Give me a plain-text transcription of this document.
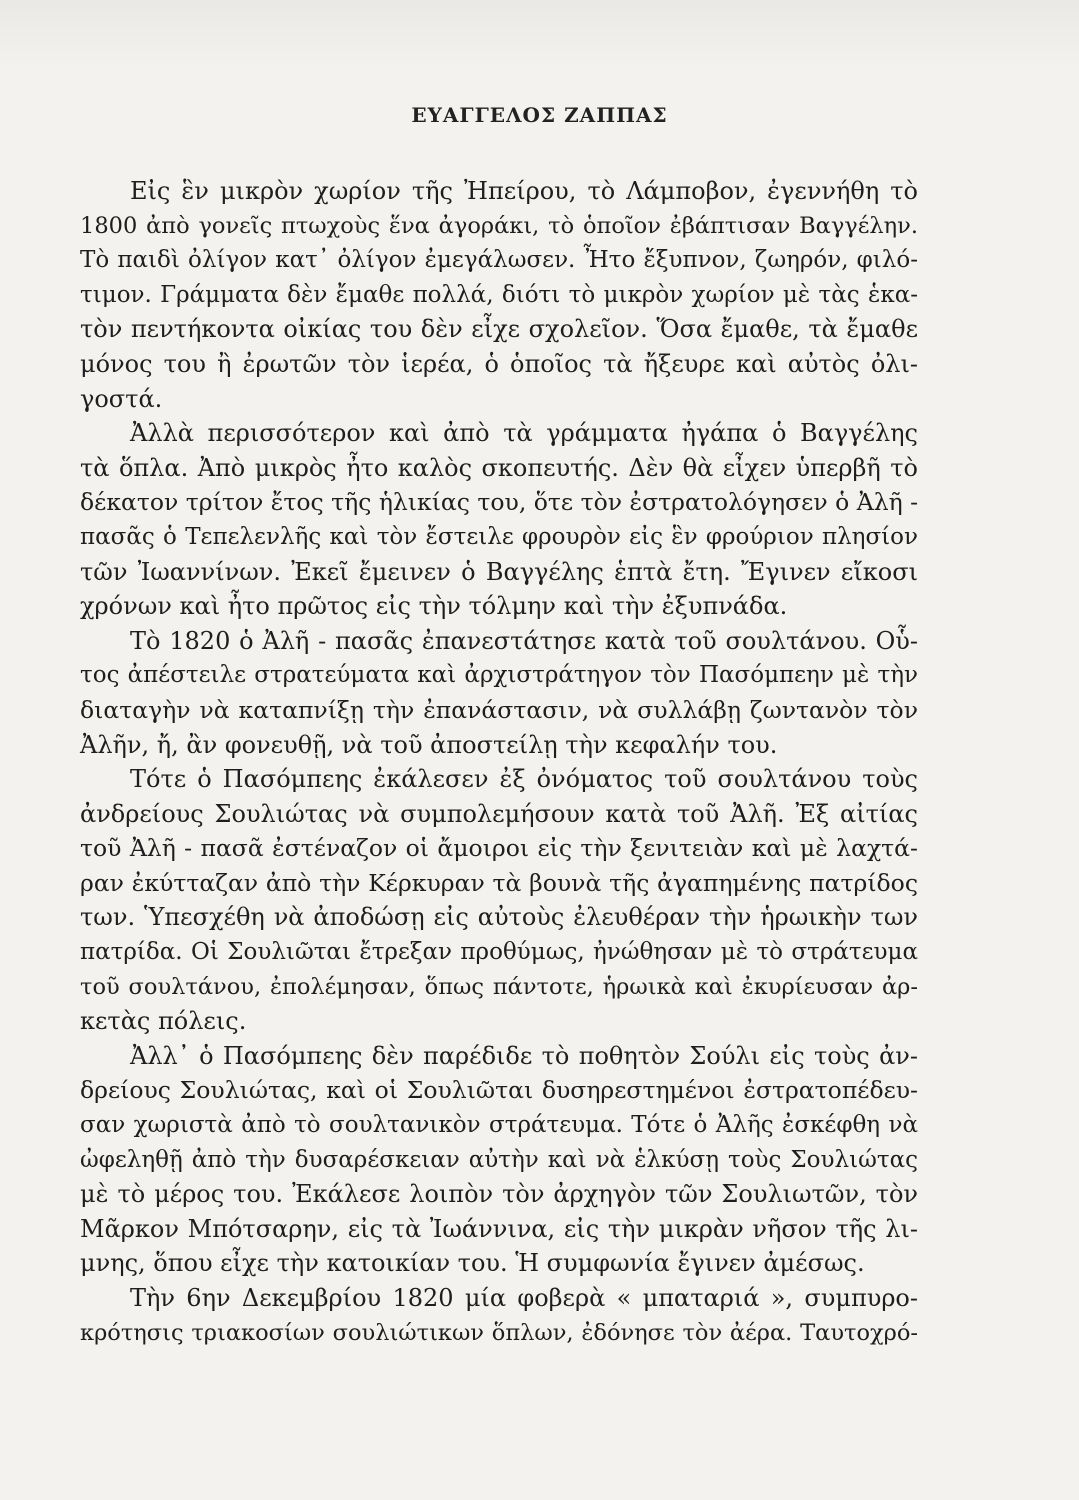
ΕΥΑΓΓΕΛΟΣ ΖΑΠΠΑΣ
Εἰς ἓν μικρὸν χωρίον τῆς Ἠπείρου, τὸ Λάμποβον, ἐγεννήθη τὸ
1800 ἀπὸ γονεῖς πτωχοὺς ἕνα ἀγοράκι, τὸ ὁποῖον ἐβάπτισαν Βαγγέλην.
Τὸ παιδὶ ὀλίγον κατ᾽ ὀλίγον ἐμεγάλωσεν. Ἦτο ἔξυπνον, ζωηρόν, φιλό-
τιμον. Γράμματα δὲν ἔμαθε πολλά, διότι τὸ μικρὸν χωρίον μὲ τὰς ἑκα-
τὸν πεντήκοντα οἰκίας του δὲν εἶχε σχολεῖον. Ὅσα ἔμαθε, τὰ ἔμαθε
μόνος του ἢ ἐρωτῶν τὸν ἱερέα, ὁ ὁποῖος τὰ ἤξευρε καὶ αὐτὸς ὀλι-
γοστά.
Ἀλλὰ περισσότερον καὶ ἀπὸ τὰ γράμματα ἠγάπα ὁ Βαγγέλης
τὰ ὅπλα. Ἀπὸ μικρὸς ἦτο καλὸς σκοπευτής. Δὲν θὰ εἶχεν ὑπερβῆ τὸ
δέκατον τρίτον ἔτος τῆς ἡλικίας του, ὅτε τὸν ἐστρατολόγησεν ὁ Ἀλῆ -
πασᾶς ὁ Τεπελενλῆς καὶ τὸν ἔστειλε φρουρὸν εἰς ἓν φρούριον πλησίον
τῶν Ἰωαννίνων. Ἐκεῖ ἔμεινεν ὁ Βαγγέλης ἑπτὰ ἔτη. Ἔγινεν εἴκοσι
χρόνων καὶ ἦτο πρῶτος εἰς τὴν τόλμην καὶ τὴν ἐξυπνάδα.
Τὸ 1820 ὁ Ἀλῆ - πασᾶς ἐπανεστάτησε κατὰ τοῦ σουλτάνου. Οὗ-
τος ἀπέστειλε στρατεύματα καὶ ἀρχιστράτηγον τὸν Πασόμπεην μὲ τὴν
διαταγὴν νὰ καταπνίξῃ τὴν ἐπανάστασιν, νὰ συλλάβῃ ζωντανὸν τὸν
Ἀλῆν, ἤ, ἂν φονευθῇ, νὰ τοῦ ἀποστείλῃ τὴν κεφαλήν του.
Τότε ὁ Πασόμπεης ἐκάλεσεν ἐξ ὀνόματος τοῦ σουλτάνου τοὺς
ἀνδρείους Σουλιώτας νὰ συμπολεμήσουν κατὰ τοῦ Ἀλῆ. Ἐξ αἰτίας
τοῦ Ἀλῆ - πασᾶ ἐστέναζον οἱ ἄμοιροι εἰς τὴν ξενιτειὰν καὶ μὲ λαχτά-
ραν ἐκύτταζαν ἀπὸ τὴν Κέρκυραν τὰ βουνὰ τῆς ἀγαπημένης πατρίδος
των. Ὑπεσχέθη νὰ ἀποδώσῃ εἰς αὐτοὺς ἐλευθέραν τὴν ἡρωικὴν των
πατρίδα. Οἱ Σουλιῶται ἔτρεξαν προθύμως, ἠνώθησαν μὲ τὸ στράτευμα
τοῦ σουλτάνου, ἐπολέμησαν, ὅπως πάντοτε, ἡρωικὰ καὶ ἐκυρίευσαν ἀρ-
κετὰς πόλεις.
Ἀλλ᾽ ὁ Πασόμπεης δὲν παρέδιδε τὸ ποθητὸν Σούλι εἰς τοὺς ἀν-
δρείους Σουλιώτας, καὶ οἱ Σουλιῶται δυσηρεστημένοι ἐστρατοπέδευ-
σαν χωριστὰ ἀπὸ τὸ σουλτανικὸν στράτευμα. Τότε ὁ Ἀλῆς ἐσκέφθη νὰ
ὠφεληθῇ ἀπὸ τὴν δυσαρέσκειαν αὐτὴν καὶ νὰ ἑλκύσῃ τοὺς Σουλιώτας
μὲ τὸ μέρος του. Ἐκάλεσε λοιπὸν τὸν ἀρχηγὸν τῶν Σουλιωτῶν, τὸν
Μᾶρκον Μπότσαρην, εἰς τὰ Ἰωάννινα, εἰς τὴν μικρὰν νῆσον τῆς λι-
μνης, ὅπου εἶχε τὴν κατοικίαν του. Ἡ συμφωνία ἔγινεν ἀμέσως.
Τὴν 6ην Δεκεμβρίου 1820 μία φοβερὰ « μπαταριά », συμπυρο-
κρότησις τριακοσίων σουλιώτικων ὅπλων, ἐδόνησε τὸν ἀέρα. Ταυτοχρό-
